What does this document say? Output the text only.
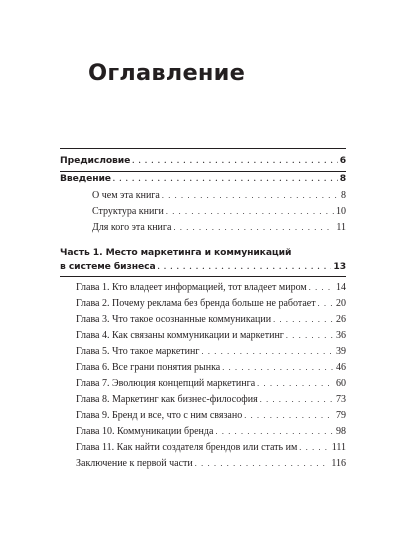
Оглавление
Предисловие . . .	6
Введение . . .	8
О чем эта книга . . .	8
Структура книги . . .	10
Для кого эта книга . . .	11
Часть 1. Место маркетинга и коммуникаций
в системе бизнеса . . .	13
Глава 1. Кто владеет информацией, тот владеет миром . . .	14
Глава 2. Почему реклама без бренда больше не работает . . . 20
Глава 3. Что такое осознанные коммуникации . . .	26
Глава 4. Как связаны коммуникации и маркетинг . . .	36
Глава 5. Что такое маркетинг . . .	39
Глава 6. Все грани понятия рынка . . .	46
Глава 7. Эволюция концепций маркетинга . . .	60
Глава 8. Маркетинг как бизнес-философия . . .	73
Глава 9. Бренд и все, что с ним связано . . .	79
Глава 10. Коммуникации бренда . . .	98
Глава 11. Как найти создателя брендов или стать им . . .	111
Заключение к первой части . . .	116
